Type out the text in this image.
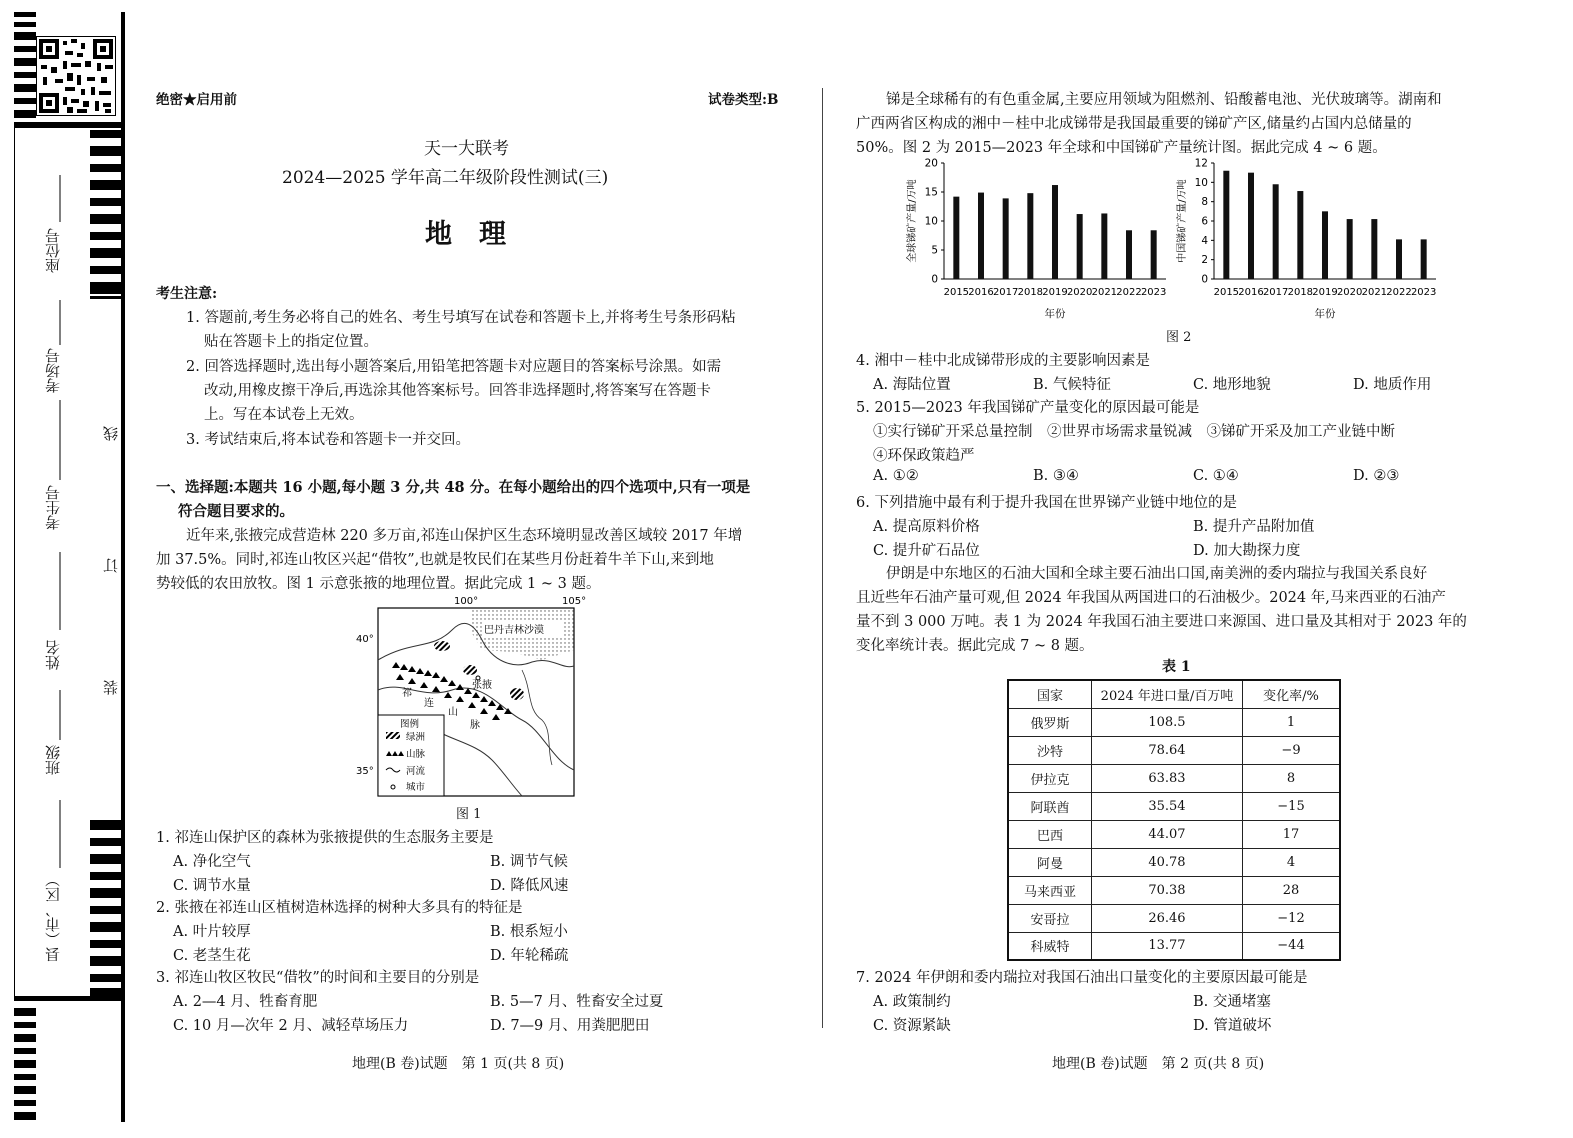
座位号
考场号
考生号
姓名
班级
县（市、区）
线
订
装
绝密★启用前	试卷类型:B
天一大联考
2024—2025 学年高二年级阶段性测试(三)
地　理
考生注意:
1. 答题前,考生务必将自己的姓名、考生号填写在试卷和答题卡上,并将考生号条形码粘
贴在答题卡上的指定位置。
2. 回答选择题时,选出每小题答案后,用铅笔把答题卡对应题目的答案标号涂黑。如需
改动,用橡皮擦干净后,再选涂其他答案标号。回答非选择题时,将答案写在答题卡
上。写在本试卷上无效。
3. 考试结束后,将本试卷和答题卡一并交回。
一、选择题:本题共 16 小题,每小题 3 分,共 48 分。在每小题给出的四个选项中,只有一项是
符合题目要求的。
近年来,张掖完成营造林 220 多万亩,祁连山保护区生态环境明显改善区域较 2017 年增
加 37.5%。同时,祁连山牧区兴起“借牧”,也就是牧民们在某些月份赶着牛羊下山,来到地
势较低的农田放牧。图 1 示意张掖的地理位置。据此完成 1 ~ 3 题。
100°	105°
40°
35°
巴丹吉林沙漠
张掖
祁
连
山
脉
图例
绿洲
山脉
河流
城市
图 1
1. 祁连山保护区的森林为张掖提供的生态服务主要是
A. 净化空气	B. 调节气候
C. 调节水量	D. 降低风速
2. 张掖在祁连山区植树造林选择的树种大多具有的特征是
A. 叶片较厚	B. 根系短小
C. 老茎生花	D. 年轮稀疏
3. 祁连山牧区牧民“借牧”的时间和主要目的分别是
A. 2—4 月、牲畜育肥	B. 5—7 月、牲畜安全过夏
C. 10 月—次年 2 月、减轻草场压力	D. 7—9 月、用粪肥肥田
地理(B 卷)试题　第 1 页(共 8 页)
锑是全球稀有的有色重金属,主要应用领域为阻燃剂、铅酸蓄电池、光伏玻璃等。湖南和
广西两省区构成的湘中－桂中北成锑带是我国最重要的锑矿产区,储量约占国内总储量的
50%。图 2 为 2015—2023 年全球和中国锑矿产量统计图。据此完成 4 ~ 6 题。
0
5
10
15
20
2015 2016 2017 2018 2019 2020 2021 2022 2023
年份
全球锑矿产量/万吨
0
2
4
6
8
10
12
2015 2016 2017 2018 2019 2020 2021 2022 2023
年份
中国锑矿产量/万吨
图 2
4. 湘中－桂中北成锑带形成的主要影响因素是
A. 海陆位置	B. 气候特征	C. 地形地貌	D. 地质作用
5. 2015—2023 年我国锑矿产量变化的原因最可能是
①实行锑矿开采总量控制　②世界市场需求量锐减　③锑矿开采及加工产业链中断
④环保政策趋严
A. ①②	B. ③④	C. ①④	D. ②③
6. 下列措施中最有利于提升我国在世界锑产业链中地位的是
A. 提高原料价格	B. 提升产品附加值
C. 提升矿石品位	D. 加大勘探力度
伊朗是中东地区的石油大国和全球主要石油出口国,南美洲的委内瑞拉与我国关系良好
且近些年石油产量可观,但 2024 年我国从两国进口的石油极少。2024 年,马来西亚的石油产
量不到 3 000 万吨。表 1 为 2024 年我国石油主要进口来源国、进口量及其相对于 2023 年的
变化率统计表。据此完成 7 ~ 8 题。
表 1
国家	2024 年进口量/百万吨	变化率/%
俄罗斯	108.5	1
沙特	78.64	−9
伊拉克	63.83	8
阿联酋	35.54	−15
巴西	44.07	17
阿曼	40.78	4
马来西亚	70.38	28
安哥拉	26.46	−12
科威特	13.77	−44
7. 2024 年伊朗和委内瑞拉对我国石油出口量变化的主要原因最可能是
A. 政策制约	B. 交通堵塞
C. 资源紧缺	D. 管道破坏
地理(B 卷)试题　第 2 页(共 8 页)
